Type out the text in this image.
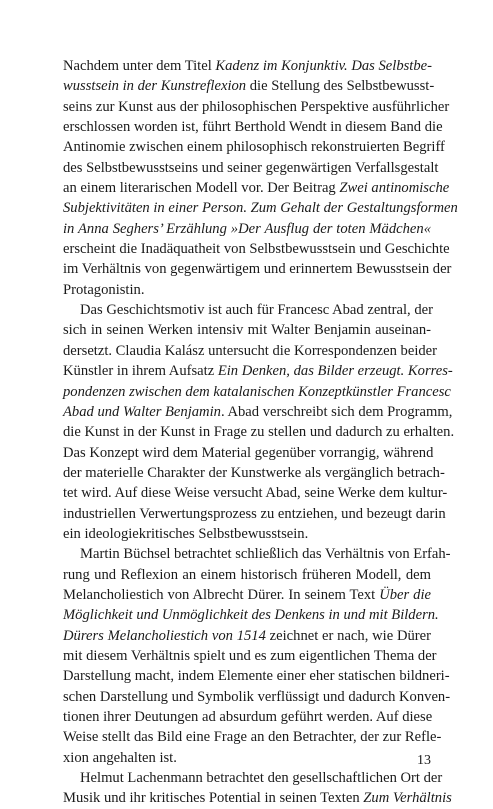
Nachdem unter dem Titel Kadenz im Konjunktiv. Das Selbstbe-
wusstsein in der Kunstreflexion die Stellung des Selbstbewusst-
seins zur Kunst aus der philosophischen Perspektive ausführlicher
erschlossen worden ist, führt Berthold Wendt in diesem Band die
Antinomie zwischen einem philosophisch rekonstruierten Begriff
des Selbstbewusstseins und seiner gegenwärtigen Verfallsgestalt
an einem literarischen Modell vor. Der Beitrag Zwei antinomische
Subjektivitäten in einer Person. Zum Gehalt der Gestaltungsformen
in Anna Seghers’ Erzählung »Der Ausflug der toten Mädchen«
erscheint die Inadäquatheit von Selbstbewusstsein und Geschichte
im Verhältnis von gegenwärtigem und erinnertem Bewusstsein der
Protagonistin.
Das Geschichtsmotiv ist auch für Francesc Abad zentral, der
sich in seinen Werken intensiv mit Walter Benjamin auseinan-
dersetzt. Claudia Kalász untersucht die Korrespondenzen beider
Künstler in ihrem Aufsatz Ein Denken, das Bilder erzeugt. Korres-
pondenzen zwischen dem katalanischen Konzeptkünstler Francesc
Abad und Walter Benjamin. Abad verschreibt sich dem Programm,
die Kunst in der Kunst in Frage zu stellen und dadurch zu erhalten.
Das Konzept wird dem Material gegenüber vorrangig, während
der materielle Charakter der Kunstwerke als vergänglich betrach-
tet wird. Auf diese Weise versucht Abad, seine Werke dem kultur-
industriellen Verwertungsprozess zu entziehen, und bezeugt darin
ein ideologiekritisches Selbstbewusstsein.
Martin Büchsel betrachtet schließlich das Verhältnis von Erfah-
rung und Reflexion an einem historisch früheren Modell, dem
Melancholiestich von Albrecht Dürer. In seinem Text Über die
Möglichkeit und Unmöglichkeit des Denkens in und mit Bildern.
Dürers Melancholiestich von 1514 zeichnet er nach, wie Dürer
mit diesem Verhältnis spielt und es zum eigentlichen Thema der
Darstellung macht, indem Elemente einer eher statischen bildneri-
schen Darstellung und Symbolik verflüssigt und dadurch Konven-
tionen ihrer Deutungen ad absurdum geführt werden. Auf diese
Weise stellt das Bild eine Frage an den Betrachter, der zur Refle-
xion angehalten ist.
Helmut Lachenmann betrachtet den gesellschaftlichen Ort der
Musik und ihr kritisches Potential in seinen Texten Zum Verhältnis
13
